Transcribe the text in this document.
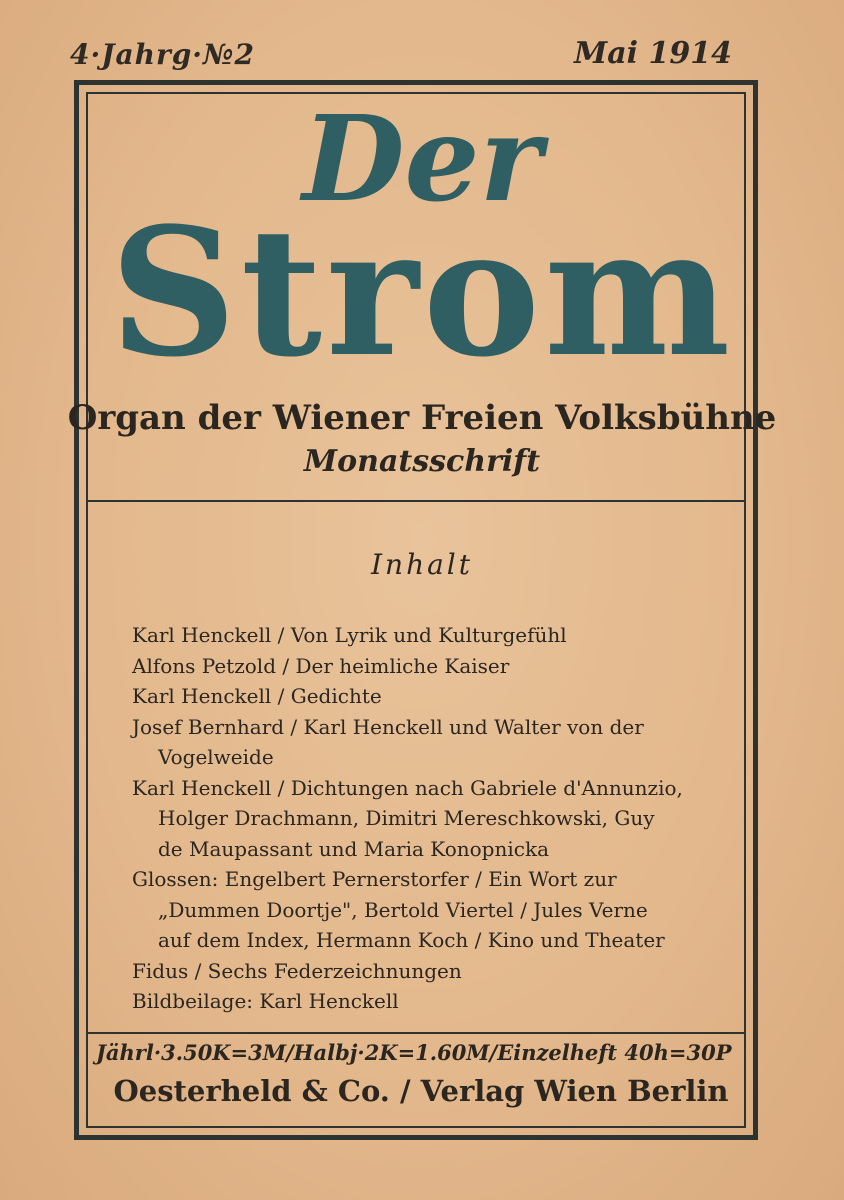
4·Jahrg·№2	Mai 1914
Der
Strom
Organ der Wiener Freien Volksbühne
Monatsschrift
Inhalt
Karl Henckell / Von Lyrik und Kulturgefühl
Alfons Petzold / Der heimliche Kaiser
Karl Henckell / Gedichte
Josef Bernhard / Karl Henckell und Walter von der
Vogelweide
Karl Henckell / Dichtungen nach Gabriele d'Annunzio,
Holger Drachmann, Dimitri Mereschkowski, Guy
de Maupassant und Maria Konopnicka
Glossen: Engelbert Pernerstorfer / Ein Wort zur
„Dummen Doortje", Bertold Viertel / Jules Verne
auf dem Index, Hermann Koch / Kino und Theater
Fidus / Sechs Federzeichnungen
Bildbeilage: Karl Henckell
Jährl·3.50K=3M/Halbj·2K=1.60M/Einzelheft 40h=30P
Oesterheld & Co. / Verlag Wien Berlin
